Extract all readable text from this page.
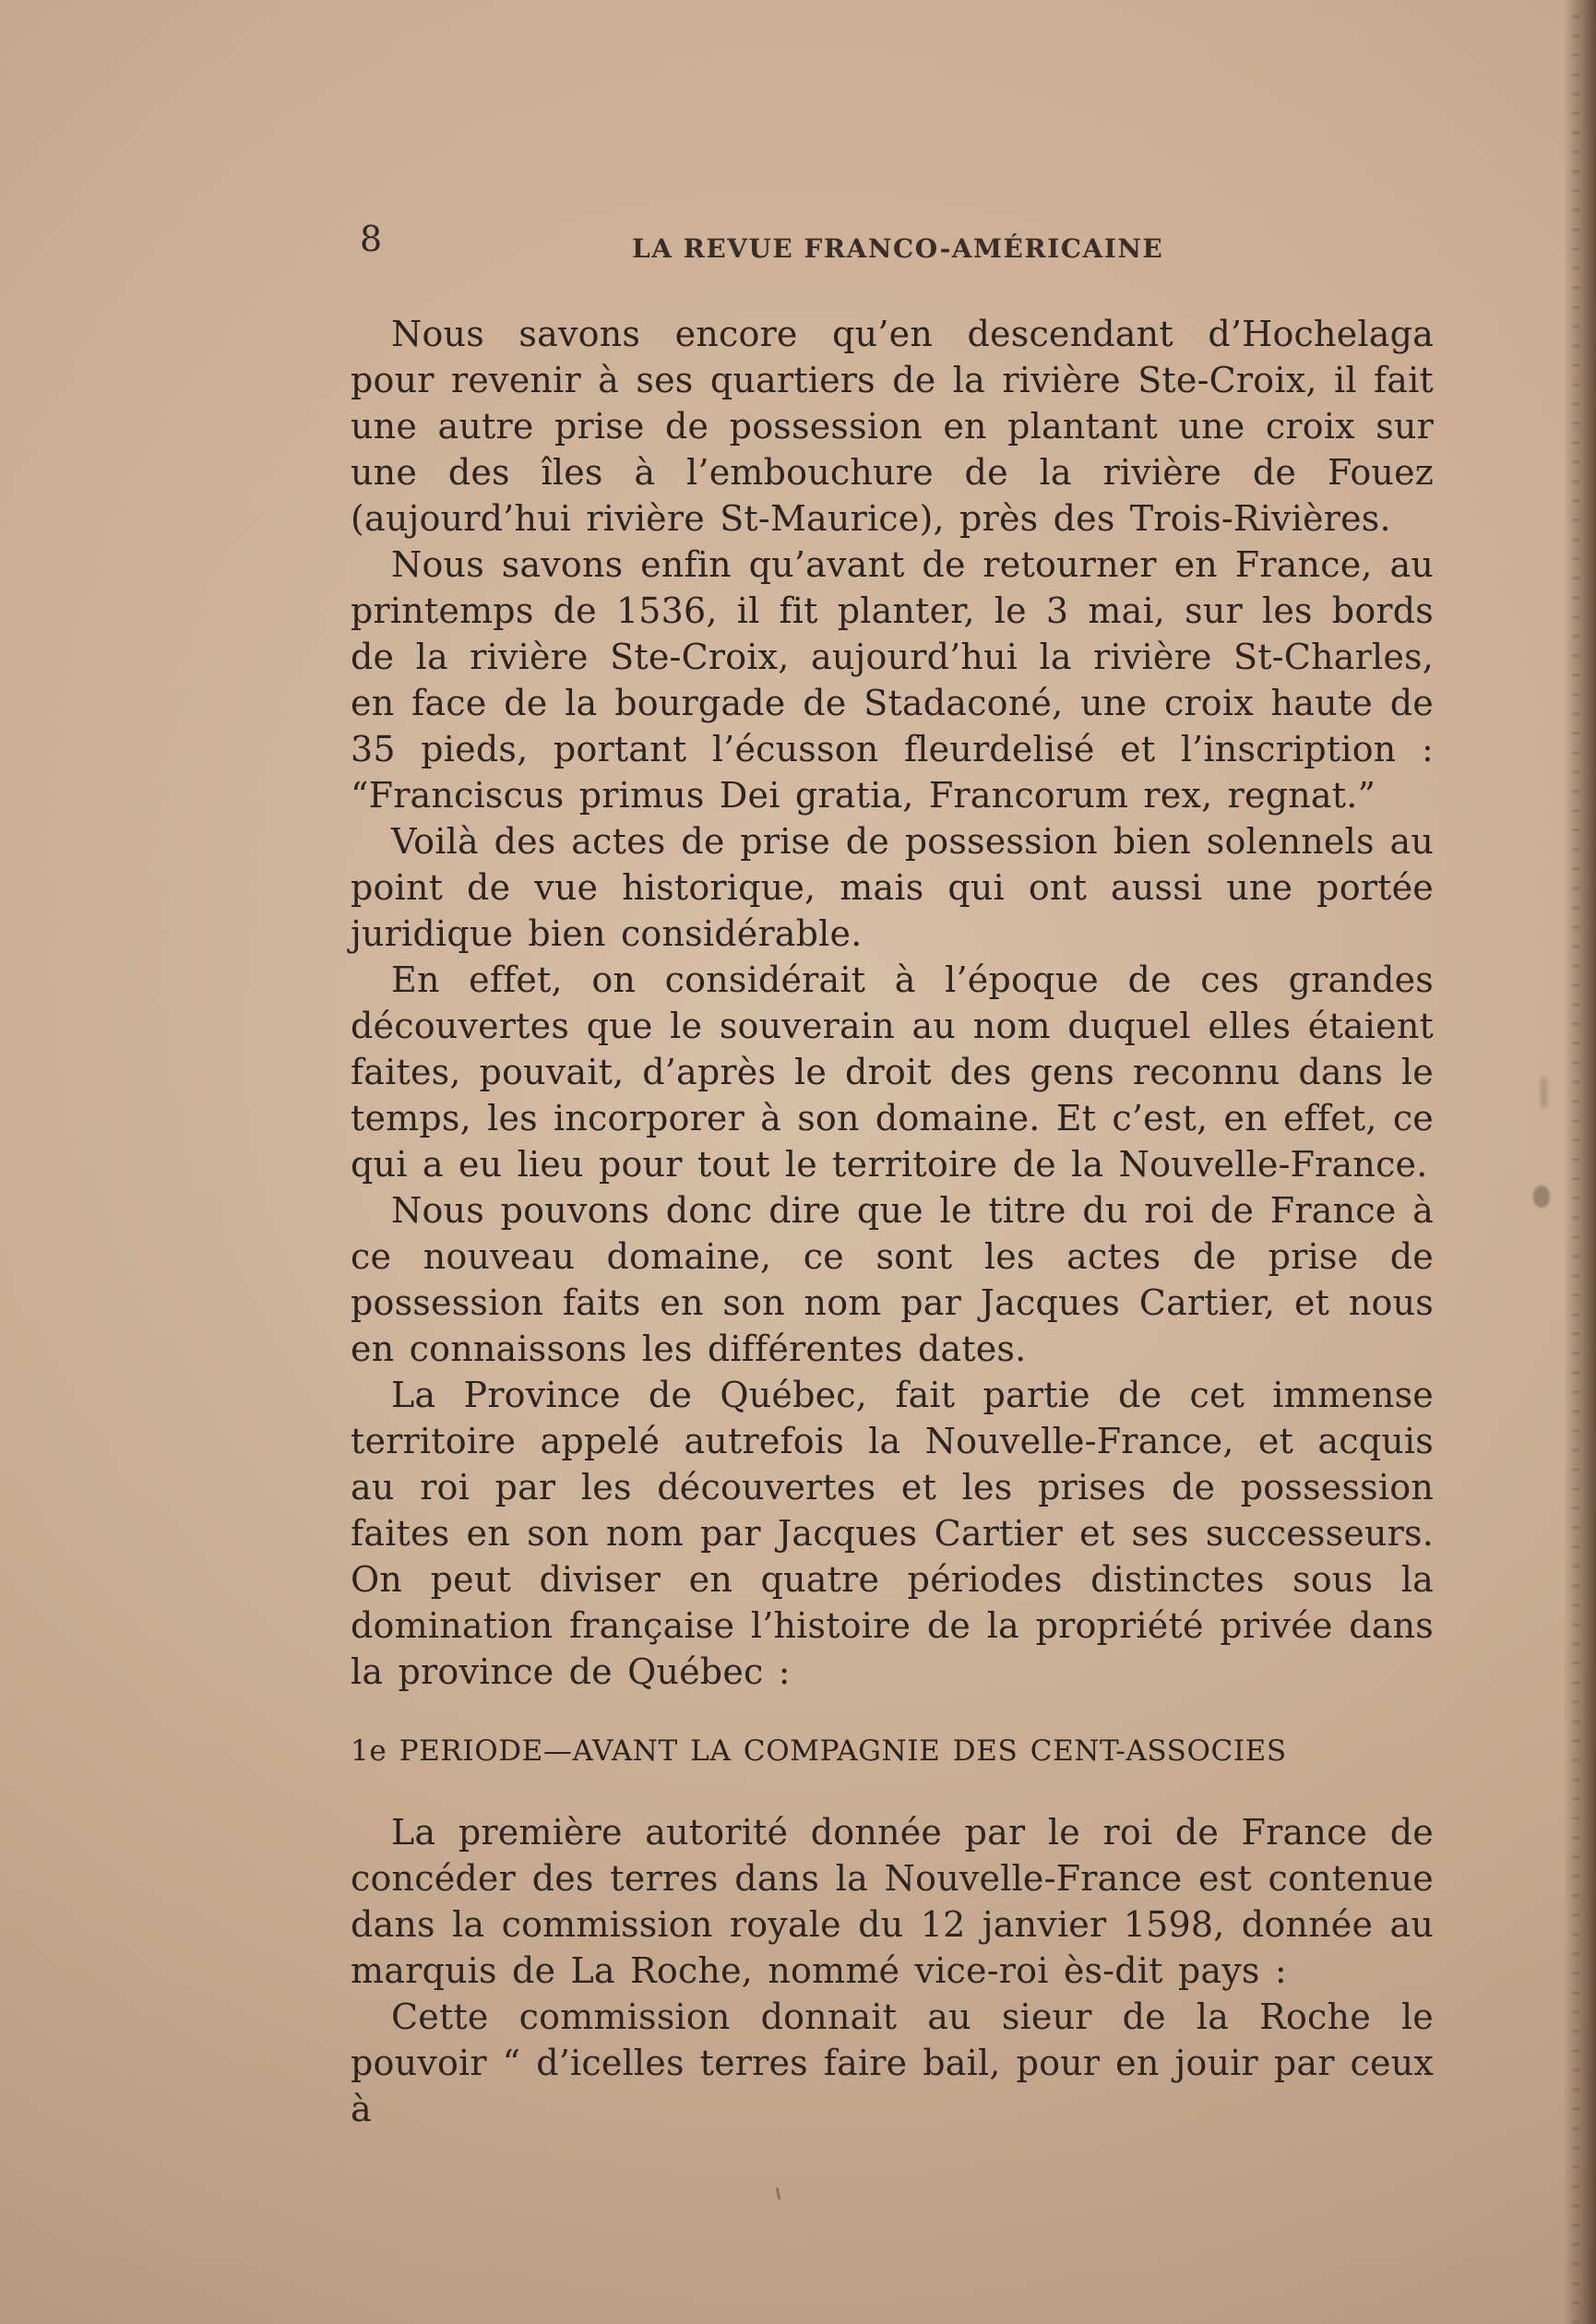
8	LA REVUE FRANCO-AMÉRICAINE

Nous savons encore qu’en descendant d’Hochelaga pour revenir à ses quartiers de la rivière Ste-Croix, il fait une autre prise de possession en plantant une croix sur une des îles à l’embouchure de la rivière de Fouez (aujourd’hui rivière St-Maurice), près des Trois-Rivières.

Nous savons enfin qu’avant de retourner en France, au printemps de 1536, il fit planter, le 3 mai, sur les bords de la rivière Ste-Croix, aujourd’hui la rivière St-Charles, en face de la bourgade de Stadaconé, une croix haute de 35 pieds, portant l’écusson fleurdelisé et l’inscription : “Franciscus primus Dei gratia, Francorum rex, regnat.”

Voilà des actes de prise de possession bien solennels au point de vue historique, mais qui ont aussi une portée juridique bien considérable.

En effet, on considérait à l’époque de ces grandes découvertes que le souverain au nom duquel elles étaient faites, pouvait, d’après le droit des gens reconnu dans le temps, les incorporer à son domaine. Et c’est, en effet, ce qui a eu lieu pour tout le territoire de la Nouvelle-France.

Nous pouvons donc dire que le titre du roi de France à ce nouveau domaine, ce sont les actes de prise de possession faits en son nom par Jacques Cartier, et nous en connaissons les différentes dates.

La Province de Québec, fait partie de cet immense territoire appelé autrefois la Nouvelle-France, et acquis au roi par les découvertes et les prises de possession faites en son nom par Jacques Cartier et ses successeurs. On peut diviser en quatre périodes distinctes sous la domination française l’histoire de la propriété privée dans la province de Québec :

1e PERIODE—AVANT LA COMPAGNIE DES CENT-ASSOCIES

La première autorité donnée par le roi de France de concéder des terres dans la Nouvelle-France est contenue dans la commission royale du 12 janvier 1598, donnée au marquis de La Roche, nommé vice-roi ès-dit pays :

Cette commission donnait au sieur de la Roche le pouvoir “ d’icelles terres faire bail, pour en jouir par ceux à
